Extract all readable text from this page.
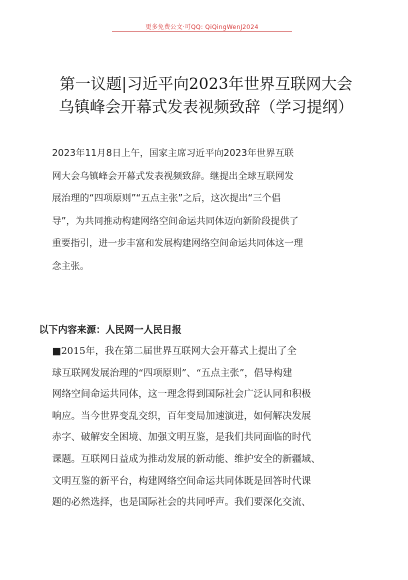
更多免费公文·可QQ: QiQingWenJ2024
第一议题|习近平向2023年世界互联网大会
乌镇峰会开幕式发表视频致辞（学习提纲）
2023年11月8日上午，国家主席习近平向2023年世界互联
网大会乌镇峰会开幕式发表视频致辞。继提出全球互联网发
展治理的“四项原则”“五点主张”之后，这次提出“三个倡
导”，为共同推动构建网络空间命运共同体迈向新阶段提供了
重要指引，进一步丰富和发展构建网络空间命运共同体这一理
念主张。
以下内容来源：人民网一人民日报
■2015年，我在第二届世界互联网大会开幕式上提出了全
球互联网发展治理的“四项原则”、“五点主张”，倡导构建
网络空间命运共同体，这一理念得到国际社会广泛认同和积极
响应。当今世界变乱交织，百年变局加速演进，如何解决发展
赤字、破解安全困境、加强文明互鉴，是我们共同面临的时代
课题。互联网日益成为推动发展的新动能、维护安全的新疆域、
文明互鉴的新平台，构建网络空间命运共同体既是回答时代课
题的必然选择，也是国际社会的共同呼声。我们要深化交流、
